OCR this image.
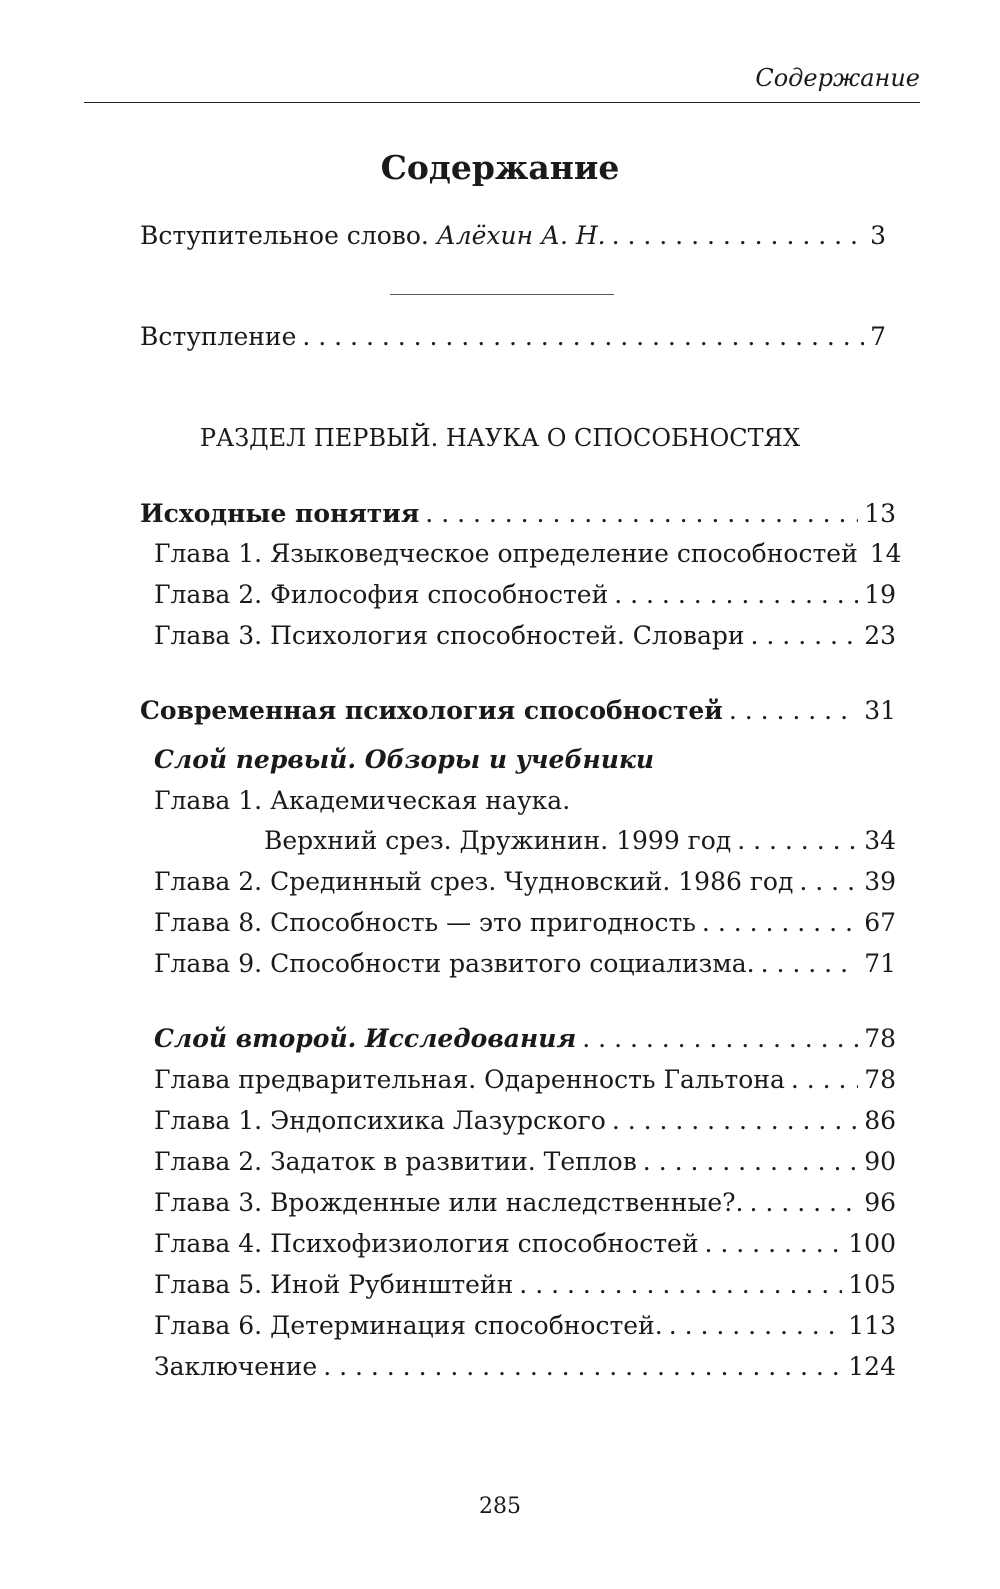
Содержание
Содержание
Вступительное слово. Алёхин А. Н. . . .	3
Вступление . . .	7
РАЗДЕЛ ПЕРВЫЙ. НАУКА О СПОСОБНОСТЯХ
Исходные понятия . . .	13
Глава 1. Языковедческое определение способностей 14
Глава 2. Философия способностей . . .	19
Глава 3. Психология способностей. Словари . . .	23
Современная психология способностей . . .	31
Слой первый. Обзоры и учебники
Глава 1. Академическая наука.
Верхний срез. Дружинин. 1999 год . . .	34
Глава 2. Срединный срез. Чудновский. 1986 год . . .	39
Глава 8. Способность — это пригодность . . .	67
Глава 9. Способности развитого социализма. . . .	71
Слой второй. Исследования . . .	78
Глава предварительная. Одаренность Гальтона . . .	78
Глава 1. Эндопсихика Лазурского . . .	86
Глава 2. Задаток в развитии. Теплов . . .	90
Глава 3. Врожденные или наследственные?. . . .	96
Глава 4. Психофизиология способностей . . .	100
Глава 5. Иной Рубинштейн . . .	105
Глава 6. Детерминация способностей. . . .	113
Заключение . . .	124
285
